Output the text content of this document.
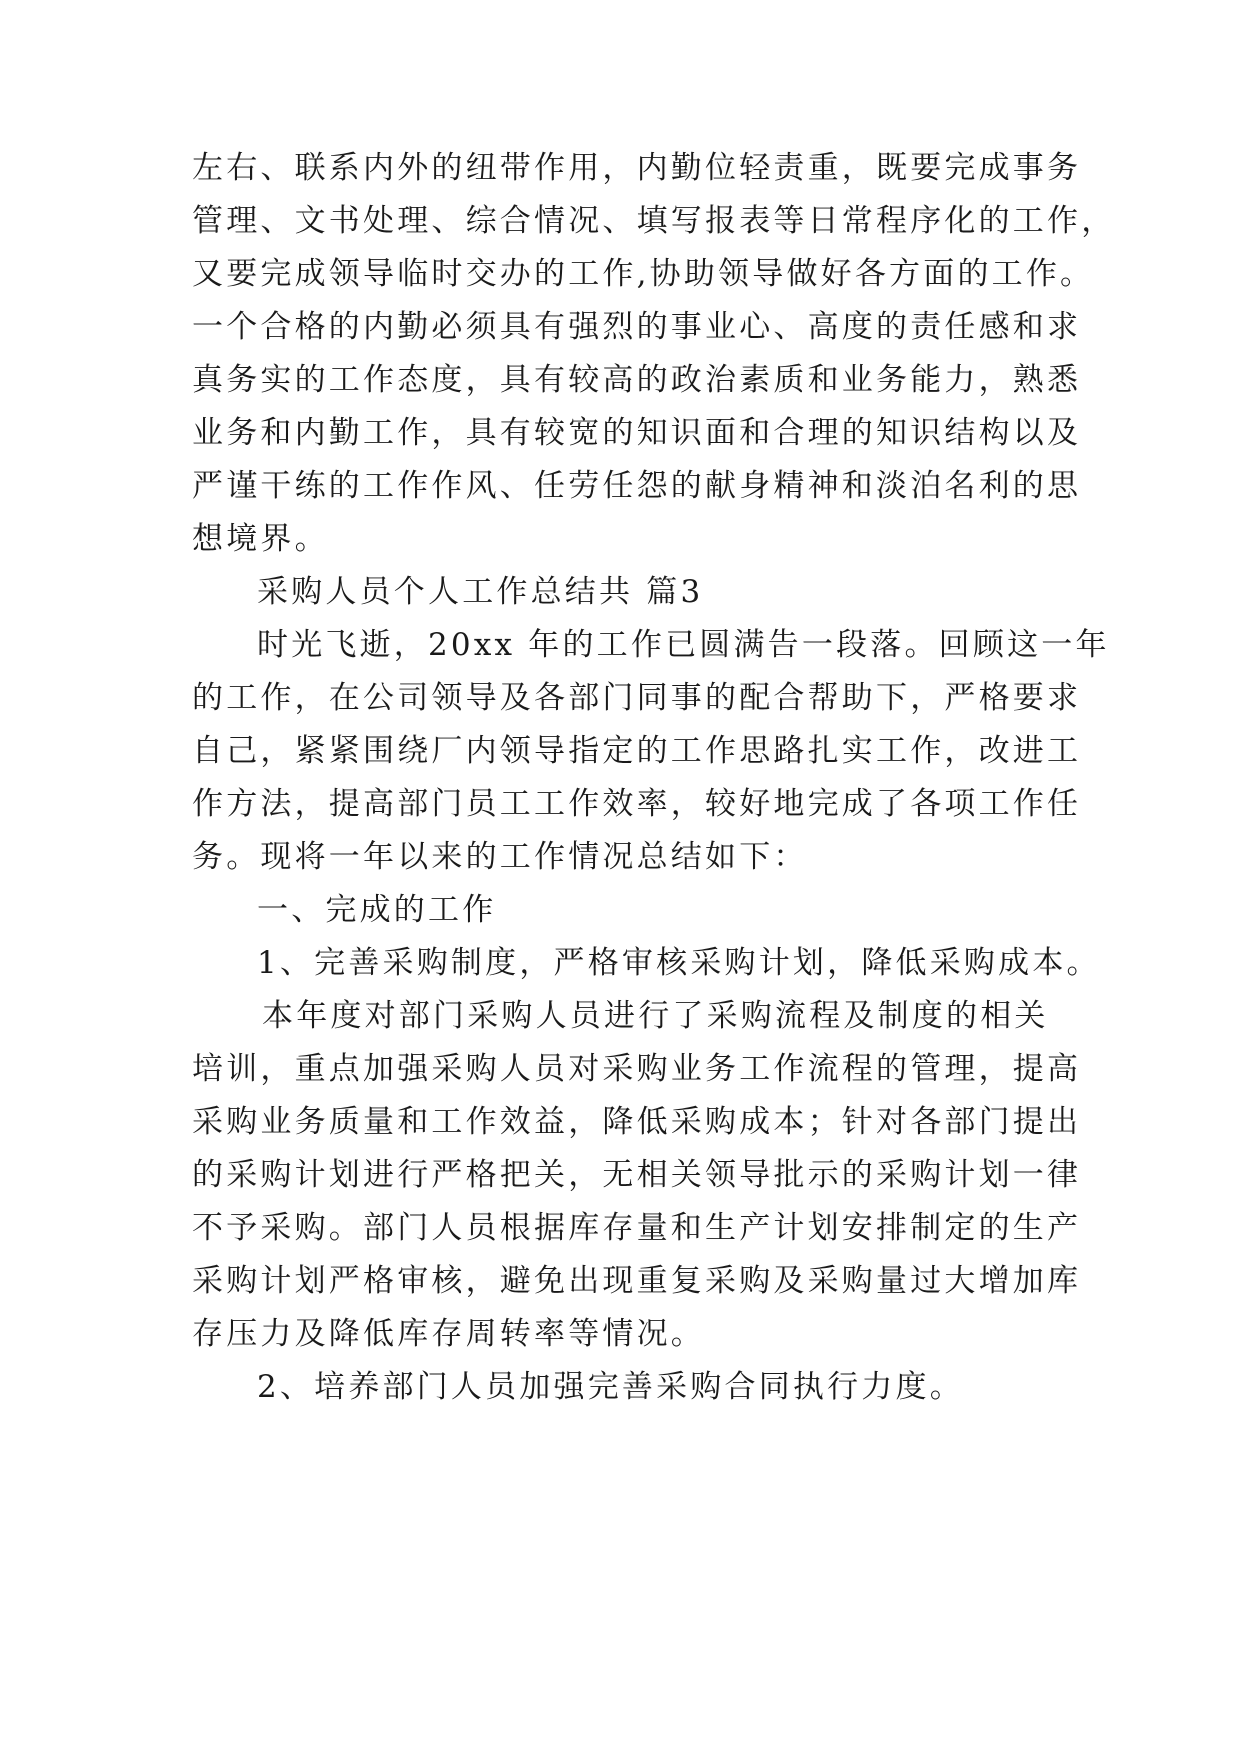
左右、联系内外的纽带作用，内勤位轻责重，既要完成事务
管理、文书处理、综合情况、填写报表等日常程序化的工作，
又要完成领导临时交办的工作,协助领导做好各方面的工作。
一个合格的内勤必须具有强烈的事业心、高度的责任感和求
真务实的工作态度，具有较高的政治素质和业务能力，熟悉
业务和内勤工作，具有较宽的知识面和合理的知识结构以及
严谨干练的工作作风、任劳任怨的献身精神和淡泊名利的思
想境界。
采购人员个人工作总结共 篇3
时光飞逝，20xx 年的工作已圆满告一段落。回顾这一年
的工作，在公司领导及各部门同事的配合帮助下，严格要求
自己，紧紧围绕厂内领导指定的工作思路扎实工作，改进工
作方法，提高部门员工工作效率，较好地完成了各项工作任
务。现将一年以来的工作情况总结如下：
一、完成的工作
1、完善采购制度，严格审核采购计划，降低采购成本。
本年度对部门采购人员进行了采购流程及制度的相关
培训，重点加强采购人员对采购业务工作流程的管理，提高
采购业务质量和工作效益，降低采购成本；针对各部门提出
的采购计划进行严格把关，无相关领导批示的采购计划一律
不予采购。部门人员根据库存量和生产计划安排制定的生产
采购计划严格审核，避免出现重复采购及采购量过大增加库
存压力及降低库存周转率等情况。
2、培养部门人员加强完善采购合同执行力度。
